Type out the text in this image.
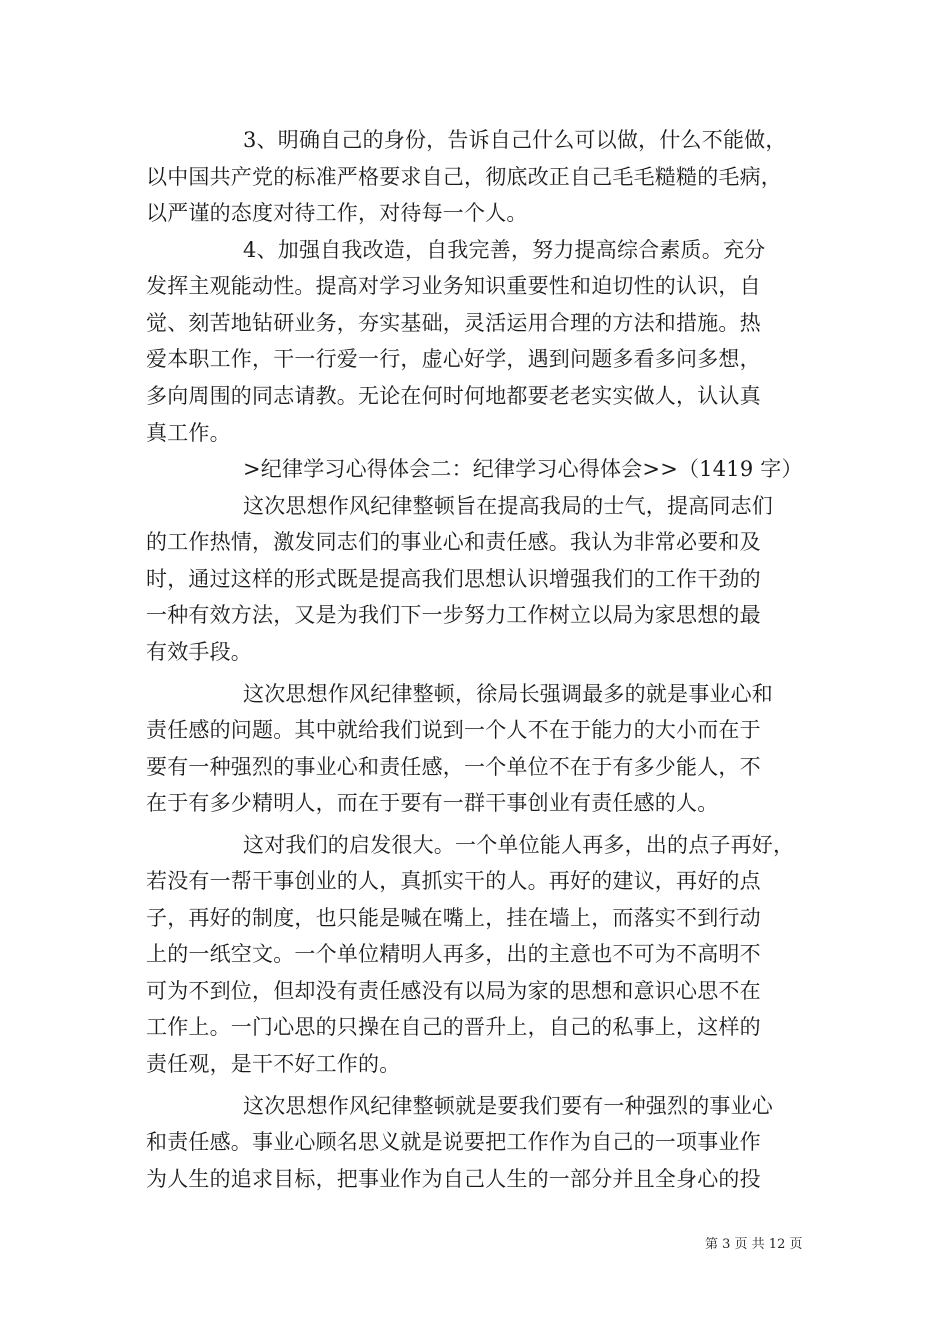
3、明确自己的身份，告诉自己什么可以做，什么不能做，
以中国共产党的标准严格要求自己，彻底改正自己毛毛糙糙的毛病，
以严谨的态度对待工作，对待每一个人。
4、加强自我改造，自我完善，努力提高综合素质。充分
发挥主观能动性。提高对学习业务知识重要性和迫切性的认识，自
觉、刻苦地钻研业务，夯实基础，灵活运用合理的方法和措施。热
爱本职工作，干一行爱一行，虚心好学，遇到问题多看多问多想，
多向周围的同志请教。无论在何时何地都要老老实实做人，认认真
真工作。
>纪律学习心得体会二：纪律学习心得体会>>（1419 字）
这次思想作风纪律整顿旨在提高我局的士气，提高同志们
的工作热情，激发同志们的事业心和责任感。我认为非常必要和及
时，通过这样的形式既是提高我们思想认识增强我们的工作干劲的
一种有效方法，又是为我们下一步努力工作树立以局为家思想的最
有效手段。
这次思想作风纪律整顿，徐局长强调最多的就是事业心和
责任感的问题。其中就给我们说到一个人不在于能力的大小而在于
要有一种强烈的事业心和责任感，一个单位不在于有多少能人，不
在于有多少精明人，而在于要有一群干事创业有责任感的人。
这对我们的启发很大。一个单位能人再多，出的点子再好，
若没有一帮干事创业的人，真抓实干的人。再好的建议，再好的点
子，再好的制度，也只能是喊在嘴上，挂在墙上，而落实不到行动
上的一纸空文。一个单位精明人再多，出的主意也不可为不高明不
可为不到位，但却没有责任感没有以局为家的思想和意识心思不在
工作上。一门心思的只操在自己的晋升上，自己的私事上，这样的
责任观，是干不好工作的。
这次思想作风纪律整顿就是要我们要有一种强烈的事业心
和责任感。事业心顾名思义就是说要把工作作为自己的一项事业作
为人生的追求目标，把事业作为自己人生的一部分并且全身心的投
第 3 页 共 12 页
